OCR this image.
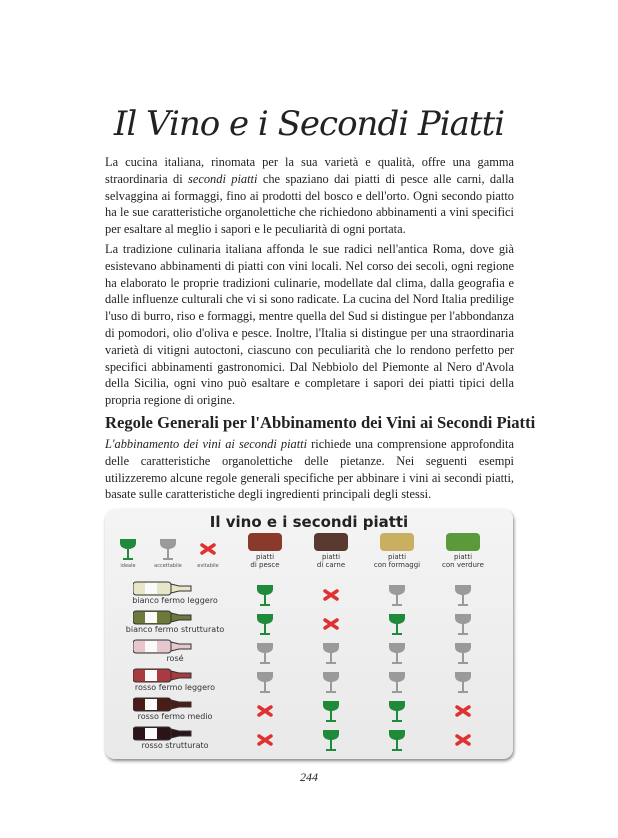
Il Vino e i Secondi Piatti

La cucina italiana, rinomata per la sua varietà e qualità, offre una gamma straordinaria di secondi piatti che spaziano dai piatti di pesce alle carni, dalla selvaggina ai formaggi, fino ai prodotti del bosco e dell'orto. Ogni secondo piatto ha le sue caratteristiche organolettiche che richiedono abbinamenti a vini specifici per esaltare al meglio i sapori e le peculiarità di ogni portata.

La tradizione culinaria italiana affonda le sue radici nell'antica Roma, dove già esistevano abbinamenti di piatti con vini locali. Nel corso dei secoli, ogni regione ha elaborato le proprie tradizioni culinarie, modellate dal clima, dalla geografia e dalle influenze culturali che vi si sono radicate. La cucina del Nord Italia predilige l'uso di burro, riso e formaggi, mentre quella del Sud si distingue per l'abbondanza di pomodori, olio d'oliva e pesce. Inoltre, l'Italia si distingue per una straordinaria varietà di vitigni autoctoni, ciascuno con peculiarità che lo rendono perfetto per specifici abbinamenti gastronomici. Dal Nebbiolo del Piemonte al Nero d'Avola della Sicilia, ogni vino può esaltare e completare i sapori dei piatti tipici della propria regione di origine.

Regole Generali per l'Abbinamento dei Vini ai Secondi Piatti

L'abbinamento dei vini ai secondi piatti richiede una comprensione approfondita delle caratteristiche organolettiche delle pietanze. Nei seguenti esempi utilizzeremo alcune regole generali specifiche per abbinare i vini ai secondi piatti, basate sulle caratteristiche degli ingredienti principali degli stessi.

Il vino e i secondi piatti
ideale	accettabile	evitabile
piatti
di pesce
piatti
di carne
piatti
con formaggi
piatti
con verdure
bianco fermo leggero
bianco fermo strutturato
rosé
rosso fermo leggero
rosso fermo medio
rosso strutturato
244
